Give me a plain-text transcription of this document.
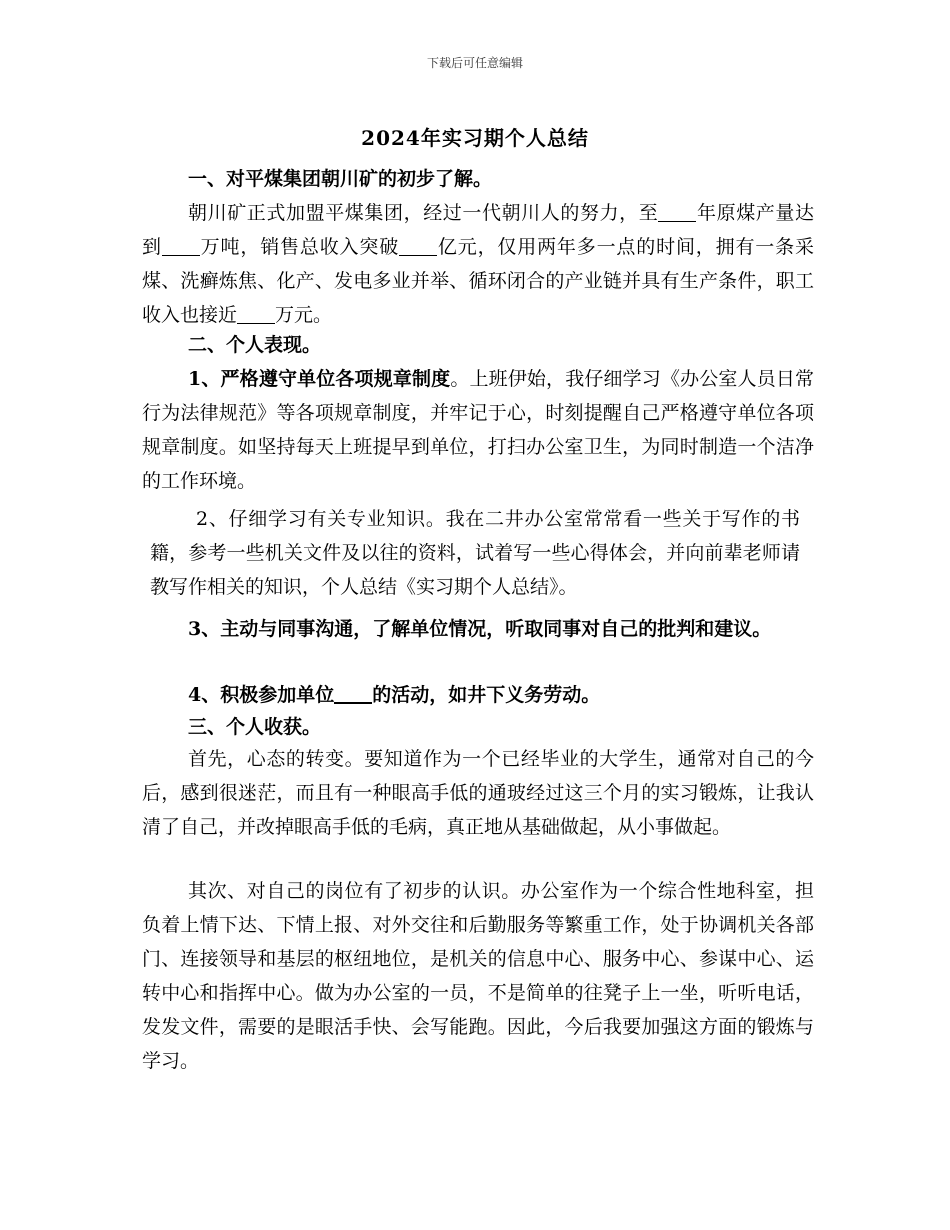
下载后可任意编辑
2024年实习期个人总结
一、对平煤集团朝川矿的初步了解。
朝川矿正式加盟平煤集团，经过一代朝川人的努力，至 年原煤产量达到 万吨，销售总收入突破 亿元，仅用两年多一点的时间，拥有一条采煤、洗癣炼焦、化产、发电多业并举、循环闭合的产业链并具有生产条件，职工收入也接近 万元。
二、个人表现。
1、严格遵守单位各项规章制度。上班伊始，我仔细学习《办公室人员日常行为法律规范》等各项规章制度，并牢记于心，时刻提醒自己严格遵守单位各项规章制度。如坚持每天上班提早到单位，打扫办公室卫生，为同时制造一个洁净的工作环境。
2、仔细学习有关专业知识。我在二井办公室常常看一些关于写作的书籍，参考一些机关文件及以往的资料，试着写一些心得体会，并向前辈老师请教写作相关的知识，个人总结《实习期个人总结》。
3、主动与同事沟通，了解单位情况，听取同事对自己的批判和建议。
4、积极参加单位 的活动，如井下义务劳动。
三、个人收获。
首先，心态的转变。要知道作为一个已经毕业的大学生，通常对自己的今后，感到很迷茫，而且有一种眼高手低的通玻经过这三个月的实习锻炼，让我认清了自己，并改掉眼高手低的毛病，真正地从基础做起，从小事做起。
其次、对自己的岗位有了初步的认识。办公室作为一个综合性地科室，担负着上情下达、下情上报、对外交往和后勤服务等繁重工作，处于协调机关各部门、连接领导和基层的枢纽地位，是机关的信息中心、服务中心、参谋中心、运转中心和指挥中心。做为办公室的一员，不是简单的往凳子上一坐，听听电话，发发文件，需要的是眼活手快、会写能跑。因此，今后我要加强这方面的锻炼与学习。
